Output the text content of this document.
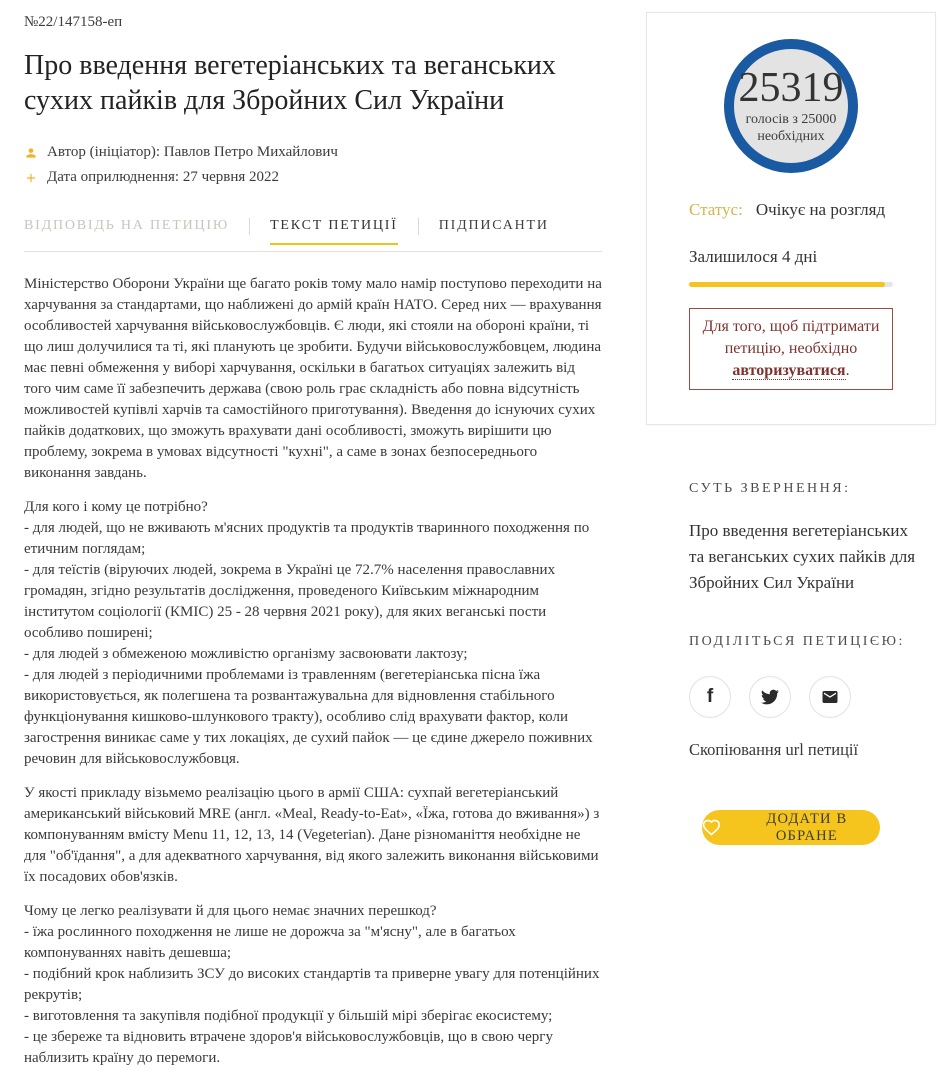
№22/147158-еп
Про введення вегетеріанських та веганських сухих пайків для Збройних Сил України
Автор (ініціатор): Павлов Петро Михайлович
Дата оприлюднення: 27 червня 2022
ВІДПОВІДЬ НА ПЕТИЦІЮ	ТЕКСТ ПЕТИЦІЇ	ПІДПИСАНТИ

Міністерство Оборони України ще багато років тому мало намір поступово переходити на харчування за стандартами, що наближені до армій країн НАТО. Серед них — врахування особливостей харчування військовослужбовців. Є люди, які стояли на обороні країни, ті що лиш долучилися та ті, які планують це зробити. Будучи військовослужбовцем, людина має певні обмеження у виборі харчування, оскільки в багатьох ситуаціях залежить від того чим саме її забезпечить держава (свою роль грає складність або повна відсутність можливостей купівлі харчів та самостійного приготування). Введення до існуючих сухих пайків додаткових, що зможуть врахувати дані особливості, зможуть вирішити цю проблему, зокрема в умовах відсутності "кухні", а саме в зонах безпосереднього виконання завдань.

Для кого і кому це потрібно?
- для людей, що не вживають м'ясних продуктів та продуктів тваринного походження по етичним поглядам;
- для теїстів (віруючих людей, зокрема в Україні це 72.7% населення православних громадян, згідно результатів дослідження, проведеного Київським міжнародним інститутом соціології (КМІС) 25 - 28 червня 2021 року), для яких веганські пости особливо поширені;
- для людей з обмеженою можливістю організму засвоювати лактозу;
- для людей з періодичними проблемами із травленням (вегетеріанська пісна їжа використовується, як полегшена та розвантажувальна для відновлення стабільного функціонування кишково-шлункового тракту), особливо слід врахувати фактор, коли загострення виникає саме у тих локаціях, де сухий пайок — це єдине джерело поживних речовин для військовослужбовця.

У якості прикладу візьмемо реалізацію цього в армії США: сухпай вегетеріанський американський військовий MRE (англ. «Meal, Ready-to-Eat», «Їжа, готова до вживання») з компонуванням вмісту Menu 11, 12, 13, 14 (Vegeterian). Дане різноманіття необхідне не для "об'їдання", а для адекватного харчування, від якого залежить виконання військовими їх посадових обов'язків.

Чому це легко реалізувати й для цього немає значних перешкод?
- їжа рослинного походження не лише не дорожча за "м'ясну", але в багатьох компонуваннях навіть дешевша;
- подібний крок наблизить ЗСУ до високих стандартів та приверне увагу для потенційних рекрутів;
- виготовлення та закупівля подібної продукції у більшій мірі зберігає екосистему;
- це збереже та відновить втрачене здоров'я військовослужбовців, що в свою чергу наблизить країну до перемоги.

25319
голосів з 25000
необхідних
Статус: Очікує на розгляд
Залишилося 4 дні
Для того, щоб підтримати петицію, необхідно авторизуватися.
СУТЬ ЗВЕРНЕННЯ:
Про введення вегетеріанських та веганських сухих пайків для Збройних Сил України
ПОДІЛІТЬСЯ ПЕТИЦІЄЮ:
f
Скопіювання url петиції
ДОДАТИ В ОБРАНЕ
